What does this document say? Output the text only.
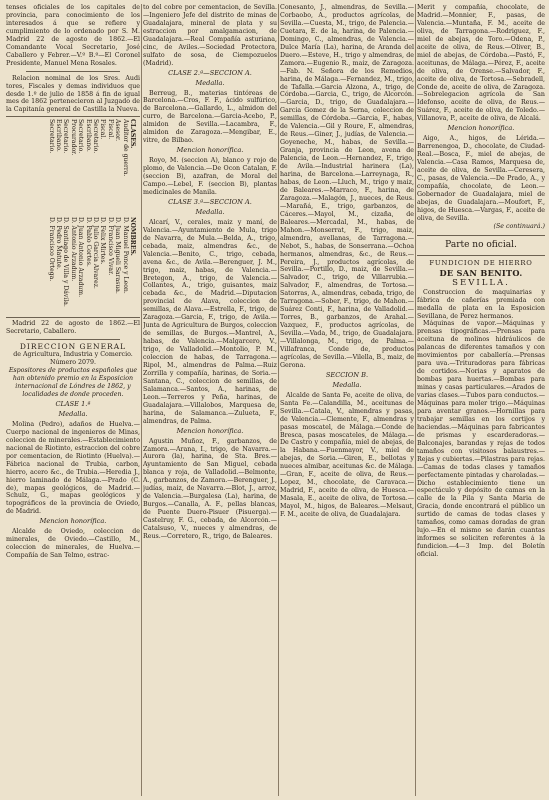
tenses oficiales de los capitales de provincia, para conocimiento de los interesados á que se refiere y cumplimiento de lo ordenado por S. M. Madrid 22 de agosto de 1862.—El Comandante Vocal Secretario, José Caballero y Febrer.—V.º B.º—El Coronel Presidente, Manuel Mena Rosales.

Relacion nominal de los Sres. Audi tores, Fiscales y demas individuos que desde 1.º de julio de 1858 á fin de igual mes de 1862 pertenecieron al Juzgado de la Capitanía general de Castilla la Nueva.

CLASES.
Auditor de guerra.
Asesor.
Fiscal.
Fiscal.
Secretario.
Escribano.
Secretario.
Procurador.
Secretario.
Escribano.
Secretario.
NOMBRES.
D. Manuel Ponce y Leon.
D. Juan Migueli Sarasua.
D. Francisco Vivar.
D. Felix Mirtes.
D. Julio Garcia Alvarez.
D. Pablo Cortes.
D. Juan Antonio Arzadum.
D. Antonio Arzadum.
D. Santiago de Villa y Dávila.
D. Pedro Matute.
D. Francisco Ortega.

Madrid 22 de agosto de 1862.—El Secretario, Caballero.

DIRECCION GENERAL

de Agricultura, Industria y Comercio.

Número 2079.

Espositores de productos españoles que han obtenido premio en la Esposicion internacional de Lóndres de 1862, y localidades de donde proceden.

CLASE 1.ª

Medalla.

Molina (Pedro), adaños de Huelva.—Cuerpo nacional de ingenieros de Minas, coleccion de minerales.—Establecimiento nacional de Riotinto, estraccion del cobre por cementacion, de Riotinto (Huelva).—Fábrica nacional de Trubia, carbon, hierro, acero &c., de Trubia.—Heredia J., hierro laminado de Málaga.—Prado (C. de), mapas geológicos, de Madrid.—Schulz, G., mapas geológicos y topográficos de la provincia de Oviedo, de Madrid.

Mencion honorífica.

Alcalde de Oviedo, coleccion de minerales, de Oviedo.—Castillo, M., coleccion de minerales, de Huelva.—Compañía de San Telmo, estrac-

to del cobre por cementacion, de Sevilla.—Ingeniero Jefe del distrito de minas de Guadalajara, mineral de plata y su estraccion por amalgamacion, de Guadalajara.—Real Compañía asturiana, cinc, de Aviles.—Sociedad Protectora, sulfato de sosa, de Ciempozuelos (Madrid).

CLASE 2.ª—SECCION A.

Medalla.

Berreug, B., materias tintóreas de Barcelona.—Cros, F. F., ácido sulfúrico, de Barcelona.—Gallardo, L., almidon del curro, de Barcelona.—Garcia-Acebo, P., almidon de Sevilla.—Lacambra, F., almidon de Zaragoza.—Mengibar, E., vitre, de Bilbao.

Mencion honorífica.

Royo, M. (seccion A), blanco y rojo de plomo, de Valencia.—De Ocon Catalan, F. (seccion B), azafran, de Moral del Campo.—Lebel, F. (seccion B), plantas medicinales de Manila.

CLASE 3.ª—SECCION A.

Medalla.

Alcarí, V., cerales, maiz y maní, de Valencia.—Ayuntamiento de Mula, trigo de Navarra, de Mula.—Belda, A., trigo, cebada, maiz, almendras &c., de Valencia.—Benito, C., trigo, cebada, avena &c., de Avila.—Berenguer, J. M., trigo, maiz, habas, de Valencia.—Bretegon, A., trigo, de Valencia.—Collantes, A., trigo, guisantes, maiz cebada &c., de Madrid.—Diputacion provincial de Alava, coleccion de semillas, de Alava.—Estrella, F., trigo, de Zaragoza.—Garcia, F., trigo, de Avila.—Junta de Agricultura de Burgos, coleccion de semillas, de Burgos.—Mantrel, A., habas, de Valencia.—Malgarcero, V., trigo, de Valladolid.—Montolio, P. M., coleccion de habas, de Tarragona.—Ripol, M., almendras de Palma.—Ruiz Zorrilla y compañía, harinas, de Soria.—Santana, C., coleccion de semillas, de Salamanca.—Santos, A., harinas, de Leon.—Terreros y Peña, harinas, de Guadalajara.—Villalobos, Marquesa de, harina, de Salamanca.—Zulueta, F., almendras, de Palma.

Mencion honorífica.

Agustin Muñoz, F., garbanzos, de Zamora.—Arana, I., trigo, de Navarra.—Aurora (la), harina, de Sta. Bres.—Ayuntamiento de San Miguel, cebada blanca y roja, de Valladolid.—Belmonte, A., garbanzos, de Zamora.—Berenguer, J., judías, maiz, de Navarra.—Blot, J., arroz, de Valencia.—Burgalesa (La), harina, de Burgos.—Canalla, A. F., pellas blancas, de Puente Duero-Pisuer (Pisuerga).—Castelruy, F. G., cebada, de Alcorcón.—Catalsuso, V., nueces y almendras, de Reus.—Corretero, R., trigo, de Baleares.

Conesanto, J., almendras, de Sevilla.—Corbaobo, A., productos agrícolas, de Sevilla.—Cuesta, M., trigo, de Palencia.—Cuetara, E. de la, harina, de Palencia.—Domingo, C., almendras, de Valencia.—Dulce María (La), harina, de Aranda del Duero.—Esteve, H., trigo y almendras, de Zamora.—Eugenio R., maiz, de Zaragoza.—Fab. N. Señora de los Remedios, harina, de Málaga.—Fernandez, M., trigo, de Tafalla.—Garcia Alzona, A., trigo, de Córdoba.—Garcia, C., trigo, de Alcorcón.—Garcia, D., trigo, de Guadalajara.—Garcia Gomez de la Serna, coleccion de semillas, de Córdoba.—Garcia, F., habas, de Valencia.—Gil y Roure, F., almendras, de Reus.—Giner, J., judías, de Valencia.—Goyeneche, M., habas, de Sevilla.—Granja, provincia de Leon, avena de Palencia, de Leon.—Hernandez, F., trigo, de Avila.—Industrial harinera (La), harina, de Barcelona.—Larreynaga, R., habas, de Leon.—Lluch, M., trigo y maiz, de Baleares.—Marraco, F., harina, de Zaragoza.—Malagón, J., nueces, de Reus.—Marañá, E., trigo, garbanzos, de Cáceres.—Mayol, M., cizaña, de Baleares.—Mercadal, M., habas, de Mahon.—Monserrat, F., trigo, maiz, almendra, avellanas, de Tarragona.—Nebot, S., habas, de Sonserrana.—Ochoa hermanos, almendras, &c., de Reus.—Pereira, J., productos agrícolas, de Sevilla.—Portillo, D., maiz, de Sevilla.—Salvador, C., trigo, de Villarrubia.—Salvador, F., almendras, de Tortosa.—Satorras, A., almendras, cebada, trigo, de Tarragona.—Sober, F., trigo, de Mahon.—Suárez Conti, F., harina, de Valladolid.—Torres, B., garbanzos, de Arahal.—Vazquez, F., productos agrícolas, de Sevilla.—Vada, M., trigo, de Guadalajara.—Villalonga, M., trigo, de Palma.—Villafranca, Conde de, productos agrícolas, de Sevilla.—Vilella, B., maiz, de Gerona.

SECCION B.

Medalla.

Alcalde de Santa Fe, aceite de oliva, de Santa Fe.—Calandilla, M., aceitunas de Sevilla.—Catala, V., almendras y pasas, de Valencia.—Clemente, F., almendras y pasas moscatel, de Málaga.—Conde de Bresca, pasas moscateles, de Málaga.—De Castro y compañía, miel de abejas, de la Habana.—Fuenmayor, V., miel de abejas, de Soria.—Giren, E., bellotas y nueces almibar, aceitunas &c. de Málaga.—Gran, F., aceite de oliva, de Reus.—Lopez, M., chocolate, de Caravaca.—Madrid, F., aceite de oliva, de Huesca.—Masala, E., aceite de oliva, de Tortosa.—Mayol, M., higos, de Baleares.—Melsaut, F. M., aceite de oliva, de Guadalajara.

Merit y compañía, chocolate, de Madrid.—Monnier, F., pasas, de Valencia.—Muntaña, F. M., aceite de oliva, de Tarragona.—Rodriguez, F., miel de abejas, de Toro.—Odena, P., aceite de oliva, de Reus.—Oliver, B., miel de abejas, de Córdoba.—Pastó, F., aceitunas, de Málaga.—Pérez, F., aceite de oliva, de Orense.—Salvador, F., aceite de oliva, de Tortosa.—Sebradell, Conde de, aceite de oliva, de Zaragoza.—Sobrelegacion agrícola de San Idefonso, aceite de oliva, de Reus.—Suárez, F., aceite de oliva, de Toledo.—Villanova, P., aceite de oliva, de Alcalá.

Mencion honorífica.

Aigo, A., higos, de Lérida.—Barrenengoa, D., chocolate, de Ciudad-Real.—Bosca, F., miel de abejas, de Valencia.—Casa Ramos, Marquesa de, aceite de oliva, de Sevilla.—Ceresera, C., pasas, de Valencia.—De Prado, A., y compañía, chocolate, de Leon.—Gobernador de Guadalajara, miel de abejas, de Guadalajara.—Moufort, F., higos, de Huesca.—Vargas, F., aceite de oliva, de Sevilla.

(Se continuará.)

Parte no oficial.
FUNDICION DE HIERRO
DE SAN BENITO.
SEVILLA.

Construccion de maquinarias y fábrica de cañerías premiada con medalla de plata en la Esposicion Sevillana, de Perez hermanos.

Máquinas de vapor.—Máquinas y prensas tipográficas.—Prensas para aceituna de molinos hidráulicos de palancas de diferentes tamaños y con movimientos por caballería.—Prensas para uva.—Trituradoras para fábricas de cortidos.—Norias y aparatos de bombas para huertas.—Bombas para minas y casas particulares.—Arados de varias clases.—Tubos para conductos.—Máquinas para moler trigo.—Máquinas para aventar granos.—Hornillas para trabajar semillas en los cortijos y haciendas.—Máquinas para fabricantes de prismas y escarderadoras.—Balconajes, barandas y rejas de todos tamaños con visitosos balaustres.—Rejas y cubiertas.—Pilastras para rejas.—Camas de todas clases y tamaños perfectamente pintadas y charoladas.—Dicho establecimiento tiene un espectáculo y depósito de camas en la calle de la Pila y Santa Maria de Gracia, donde encontrará el público un surtido de camas de todas clases y tamaños, como camas doradas de gran lujo.—En el mismo se darán cuantas informes se soliciten referentes á la fundicion.—4—3 Imp. del Boletín oficial.
